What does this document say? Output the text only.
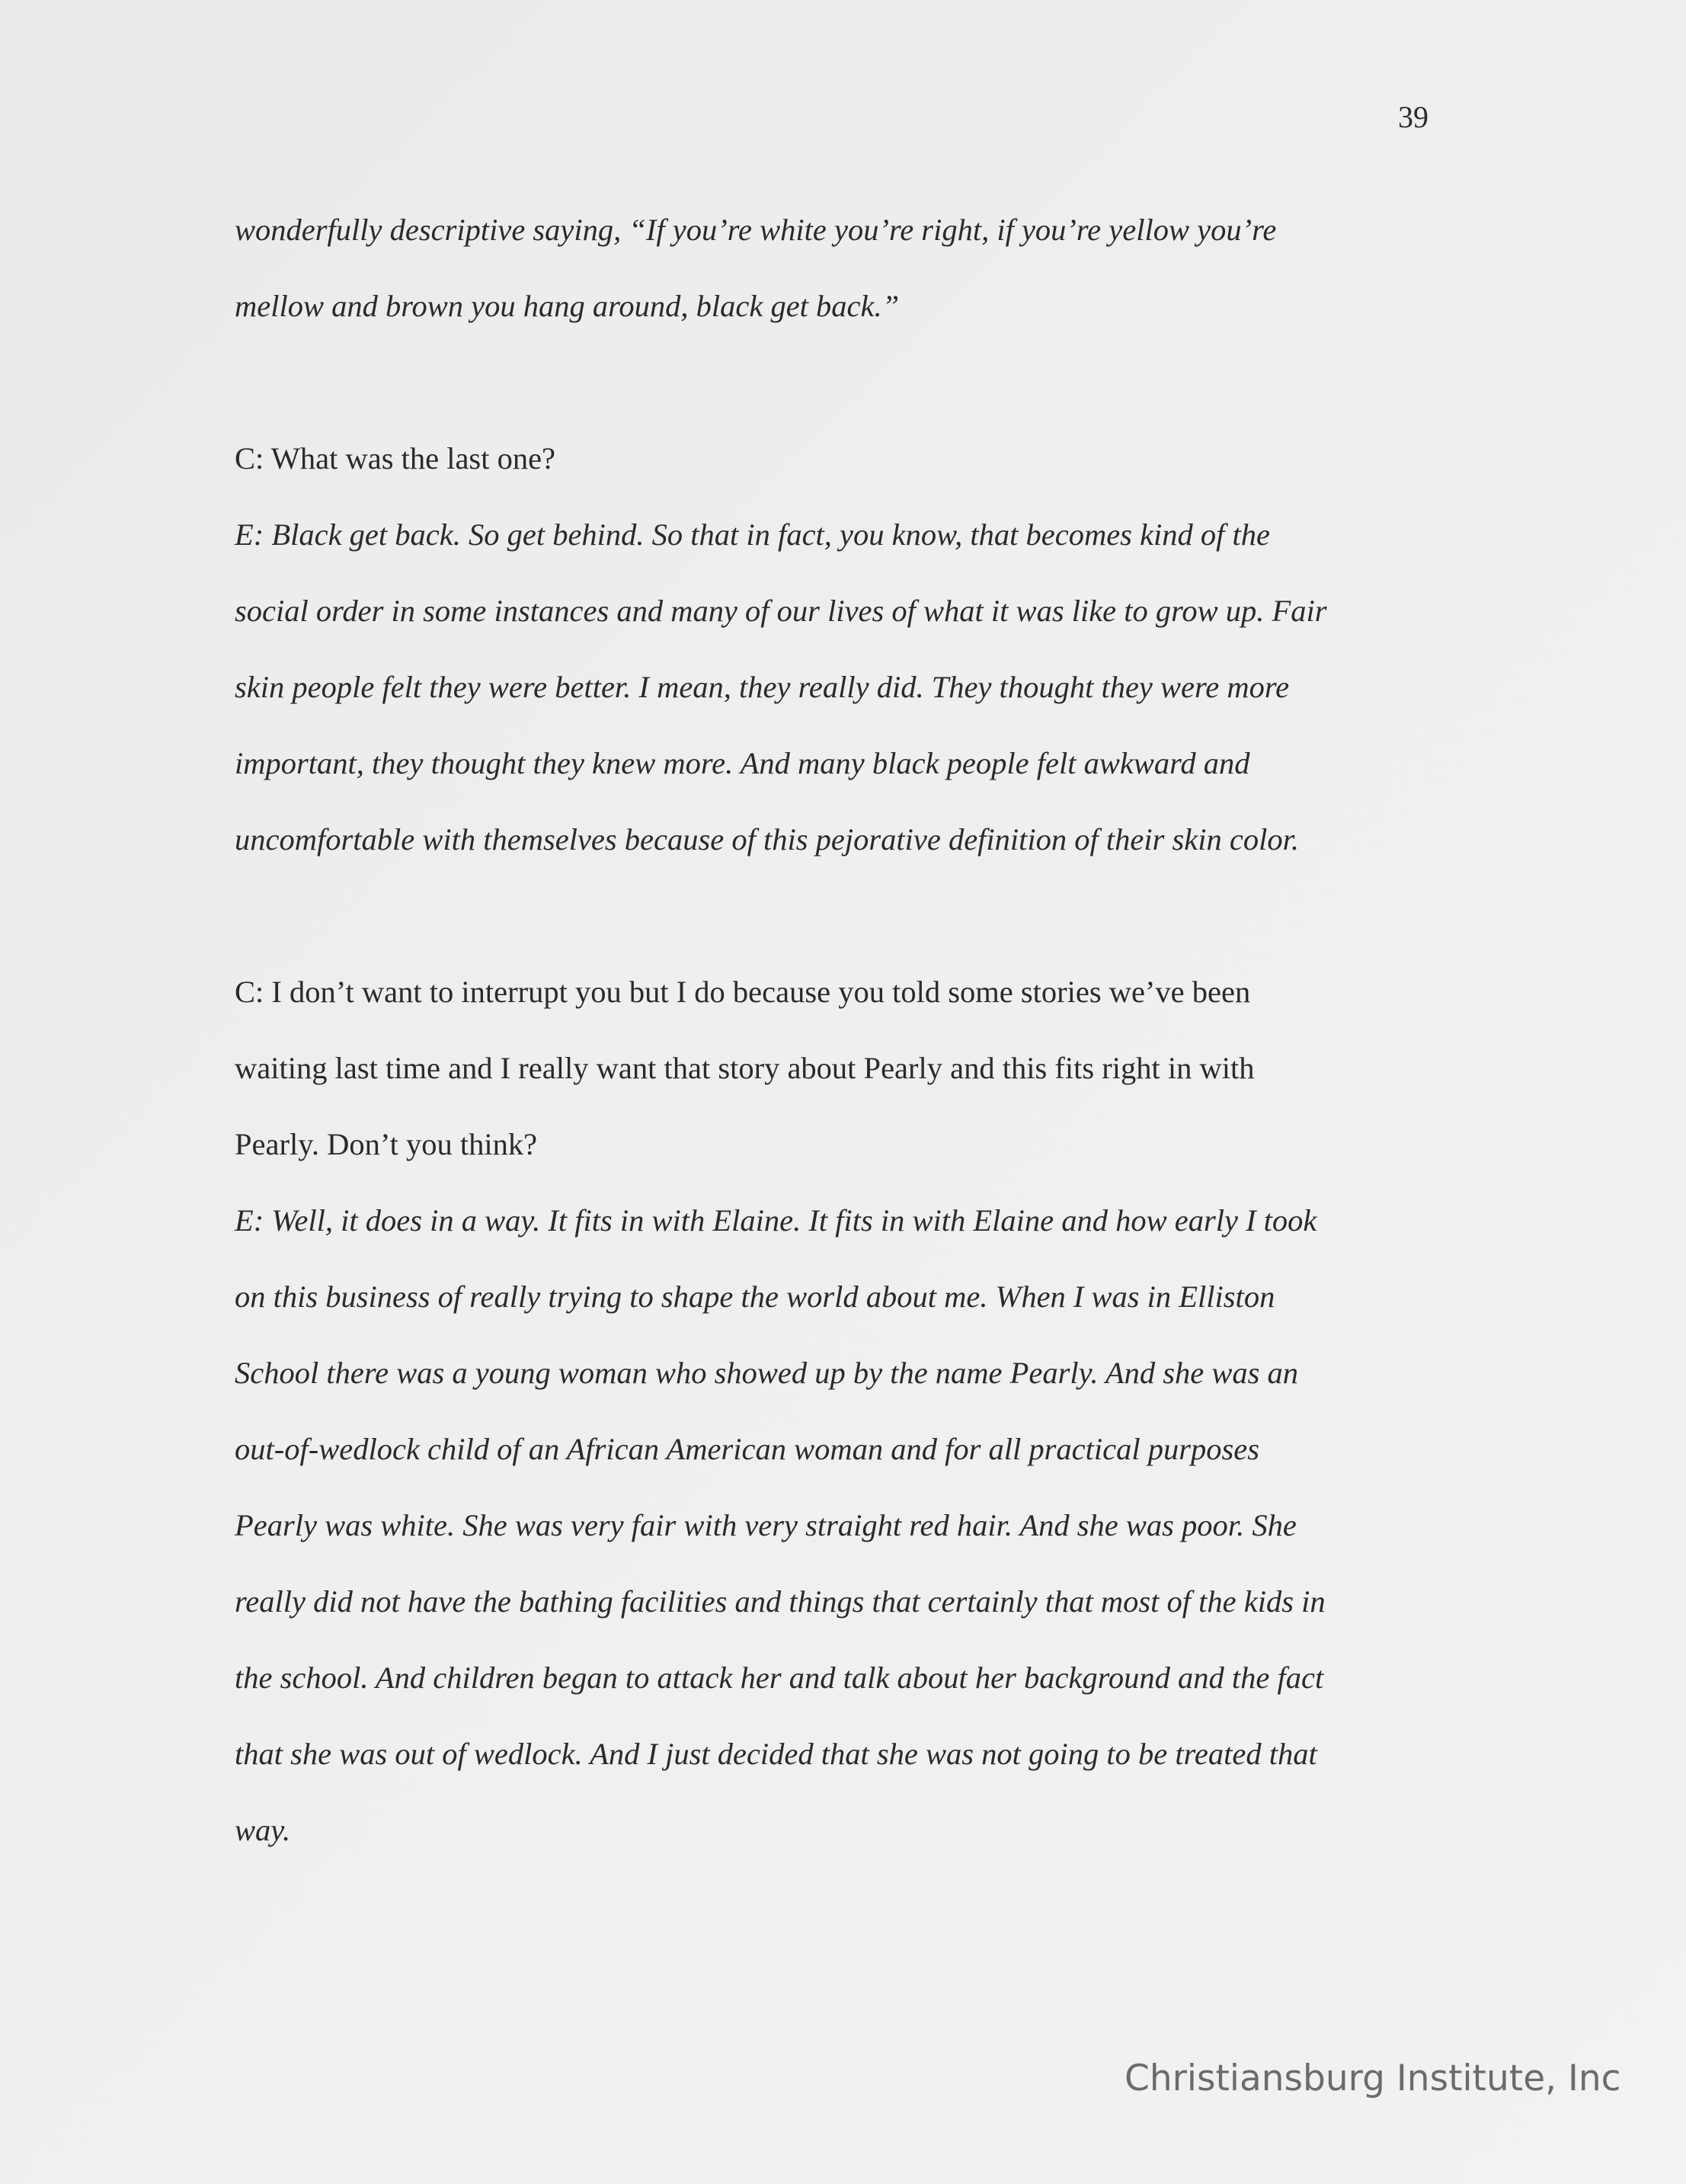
39
wonderfully descriptive saying, “If you’re white you’re right, if you’re yellow you’re
mellow and brown you hang around, black get back.”
C: What was the last one?
E: Black get back. So get behind. So that in fact, you know, that becomes kind of the
social order in some instances and many of our lives of what it was like to grow up. Fair
skin people felt they were better. I mean, they really did. They thought they were more
important, they thought they knew more. And many black people felt awkward and
uncomfortable with themselves because of this pejorative definition of their skin color.
C: I don’t want to interrupt you but I do because you told some stories we’ve been
waiting last time and I really want that story about Pearly and this fits right in with
Pearly. Don’t you think?
E: Well, it does in a way. It fits in with Elaine. It fits in with Elaine and how early I took
on this business of really trying to shape the world about me. When I was in Elliston
School there was a young woman who showed up by the name Pearly. And she was an
out-of-wedlock child of an African American woman and for all practical purposes
Pearly was white. She was very fair with very straight red hair. And she was poor. She
really did not have the bathing facilities and things that certainly that most of the kids in
the school. And children began to attack her and talk about her background and the fact
that she was out of wedlock. And I just decided that she was not going to be treated that
way.
Christiansburg Institute, Inc
